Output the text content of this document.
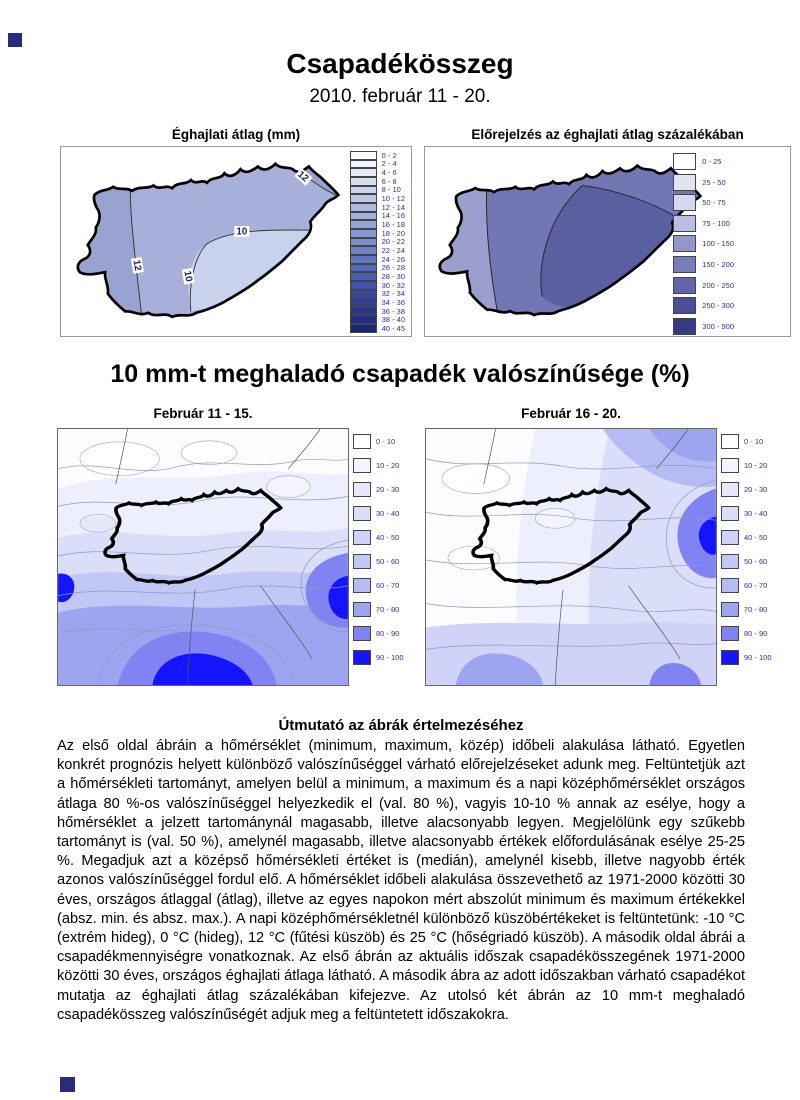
Csapadékösszeg
2010. február 11 - 20.
Éghajlati átlag (mm)
12
10
12
10
0 - 2
2 - 4
4 - 6
6 - 8
8 - 10
10 - 12
12 - 14
14 - 16
16 - 18
18 - 20
20 - 22
22 - 24
24 - 26
26 - 28
28 - 30
30 - 32
32 - 34
34 - 36
36 - 38
38 - 40
40 - 45
Előrejelzés az éghajlati átlag százalékában
0 - 25
25 - 50
50 - 75
75 - 100
100 - 150
150 - 200
200 - 250
250 - 300
300 - 900
10 mm-t meghaladó csapadék valószínűsége (%)
Február 11 - 15.
0 - 10
10 - 20
20 - 30
30 - 40
40 - 50
50 - 60
60 - 70
70 - 80
80 - 90
90 - 100
Február 16 - 20.
0 - 10
10 - 20
20 - 30
30 - 40
40 - 50
50 - 60
60 - 70
70 - 80
80 - 90
90 - 100
Útmutató az ábrák értelmezéséhez
Az első oldal ábráin a hőmérséklet (minimum, maximum, közép) időbeli alakulása látható. Egyetlen konkrét prognózis helyett különböző valószínűséggel várható előrejelzéseket adunk meg. Feltüntetjük azt a hőmérsékleti tartományt, amelyen belül a minimum, a maximum és a napi középhőmérséklet országos átlaga 80 %-os valószínűséggel helyezkedik el (val. 80 %), vagyis 10-10 % annak az esélye, hogy a hőmérséklet a jelzett tartománynál magasabb, illetve alacsonyabb legyen. Megjelölünk egy szűkebb tartományt is (val. 50 %), amelynél magasabb, illetve alacsonyabb értékek előfordulásának esélye 25-25 %. Megadjuk azt a középső hőmérsékleti értéket is (medián), amelynél kisebb, illetve nagyobb érték azonos valószínűséggel fordul elő. A hőmérséklet időbeli alakulása összevethető az 1971-2000 közötti 30 éves, országos átlaggal (átlag), illetve az egyes napokon mért abszolút minimum és maximum értékekkel (absz. min. és absz. max.). A napi középhőmérsékletnél különböző küszöbértékeket is feltüntetünk: -10 °C (extrém hideg), 0 °C (hideg), 12 °C (fűtési küszöb) és 25 °C (hőségriadó küszöb). A második oldal ábrái a csapadékmennyiségre vonatkoznak. Az első ábrán az aktuális időszak csapadékösszegének 1971-2000 közötti 30 éves, országos éghajlati átlaga látható. A második ábra az adott időszakban várható csapadékot mutatja az éghajlati átlag százalékában kifejezve. Az utolsó két ábrán az 10 mm-t meghaladó csapadékösszeg valószínűségét adjuk meg a feltüntetett időszakokra.
